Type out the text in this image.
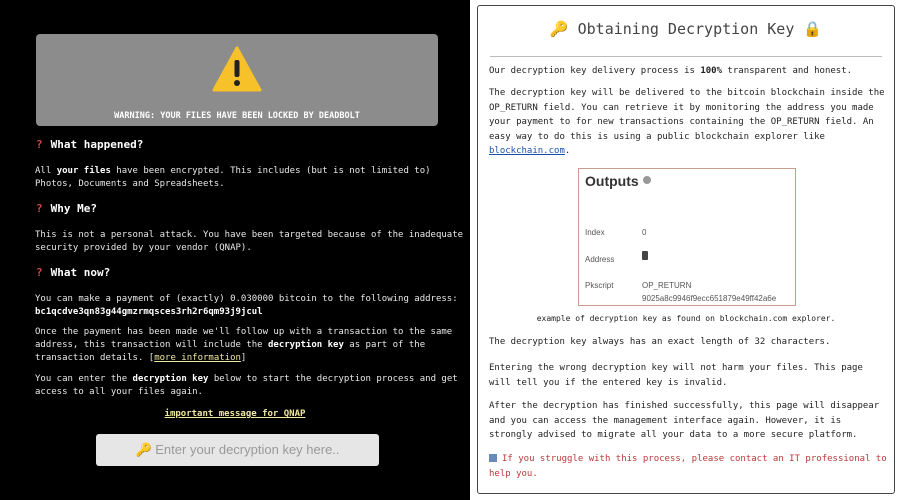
WARNING: YOUR FILES HAVE BEEN LOCKED BY DEADBOLT
? What happened?
All your files have been encrypted. This includes (but is not limited to) Photos, Documents and Spreadsheets.
? Why Me?
This is not a personal attack. You have been targeted because of the inadequate security provided by your vendor (QNAP).
? What now?
You can make a payment of (exactly) 0.030000 bitcoin to the following address:
bc1qcdve3qn83g44gmzrmqsces3rh2r6qm93j9jcul
Once the payment has been made we'll follow up with a transaction to the same address, this transaction will include the decryption key as part of the transaction details. [more information]
You can enter the decryption key below to start the decryption process and get access to all your files again.
important message for QNAP
🔑 Enter your decryption key here..
🔑 Obtaining Decryption Key 🔒
Our decryption key delivery process is 100% transparent and honest.
The decryption key will be delivered to the bitcoin blockchain inside the OP_RETURN field. You can retrieve it by monitoring the address you made your payment to for new transactions containing the OP_RETURN field. An easy way to do this is using a public blockchain explorer like blockchain.com.
Outputs
Index	0
Address
Pkscript	OP_RETURN
9025a8c9946f9ecc651879e49ff42a6e
example of decryption key as found on blockchain.com explorer.
The decryption key always has an exact length of 32 characters.
Entering the wrong decryption key will not harm your files. This page will tell you if the entered key is invalid.
After the decryption has finished successfully, this page will disappear and you can access the management interface again. However, it is strongly advised to migrate all your data to a more secure platform.
If you struggle with this process, please contact an IT professional to help you.
